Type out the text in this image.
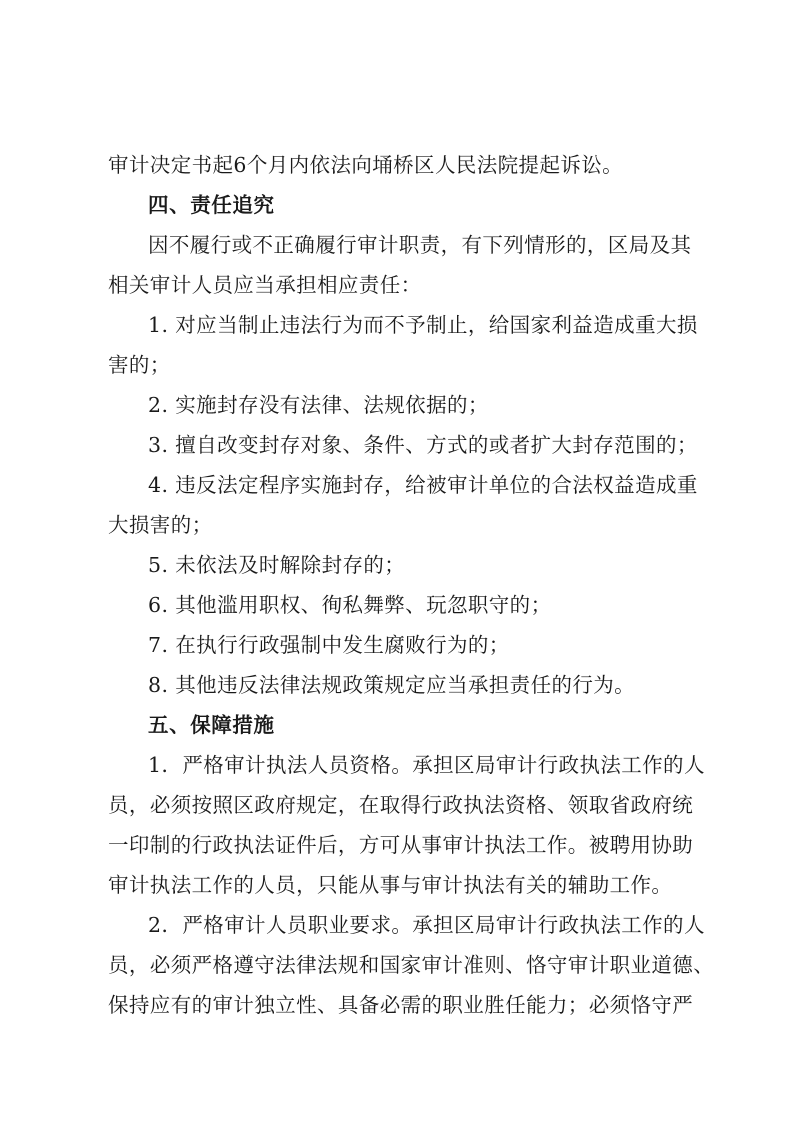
审计决定书起6个月内依法向埇桥区人民法院提起诉讼。
四、责任追究
因不履行或不正确履行审计职责，有下列情形的，区局及其
相关审计人员应当承担相应责任：
1. 对应当制止违法行为而不予制止，给国家利益造成重大损
害的；
2. 实施封存没有法律、法规依据的；
3. 擅自改变封存对象、条件、方式的或者扩大封存范围的；
4. 违反法定程序实施封存，给被审计单位的合法权益造成重
大损害的；
5. 未依法及时解除封存的；
6. 其他滥用职权、徇私舞弊、玩忽职守的；
7. 在执行行政强制中发生腐败行为的；
8. 其他违反法律法规政策规定应当承担责任的行为。
五、保障措施
1．严格审计执法人员资格。承担区局审计行政执法工作的人
员，必须按照区政府规定，在取得行政执法资格、领取省政府统
一印制的行政执法证件后，方可从事审计执法工作。被聘用协助
审计执法工作的人员，只能从事与审计执法有关的辅助工作。
2．严格审计人员职业要求。承担区局审计行政执法工作的人
员，必须严格遵守法律法规和国家审计准则、恪守审计职业道德、
保持应有的审计独立性、具备必需的职业胜任能力；必须恪守严
